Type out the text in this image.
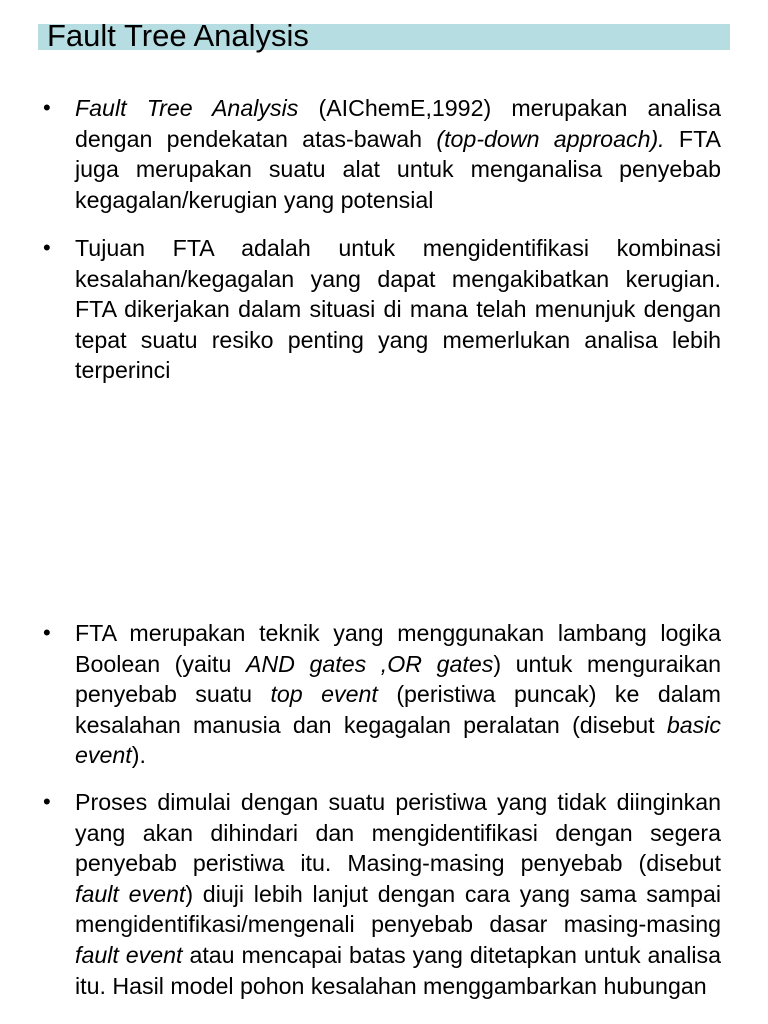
Fault Tree Analysis
• Fault Tree Analysis (AIChemE,1992) merupakan analisa dengan pendekatan atas-bawah (top-down approach). FTA juga merupakan suatu alat untuk menganalisa penyebab kegagalan/kerugian yang potensial

• Tujuan FTA adalah untuk mengidentifikasi kombinasi kesalahan/kegagalan yang dapat mengakibatkan kerugian. FTA dikerjakan dalam situasi di mana telah menunjuk dengan tepat suatu resiko penting yang memerlukan analisa lebih terperinci

• FTA merupakan teknik yang menggunakan lambang logika Boolean (yaitu AND gates ,OR gates) untuk menguraikan penyebab suatu top event (peristiwa puncak) ke dalam kesalahan manusia dan kegagalan peralatan (disebut basic event).

• Proses dimulai dengan suatu peristiwa yang tidak diinginkan yang akan dihindari dan mengidentifikasi dengan segera penyebab peristiwa itu. Masing-masing penyebab (disebut fault event) diuji lebih lanjut dengan cara yang sama sampai mengidentifikasi/mengenali penyebab dasar masing-masing fault event atau mencapai batas yang ditetapkan untuk analisa itu. Hasil model pohon kesalahan menggambarkan hubungan
